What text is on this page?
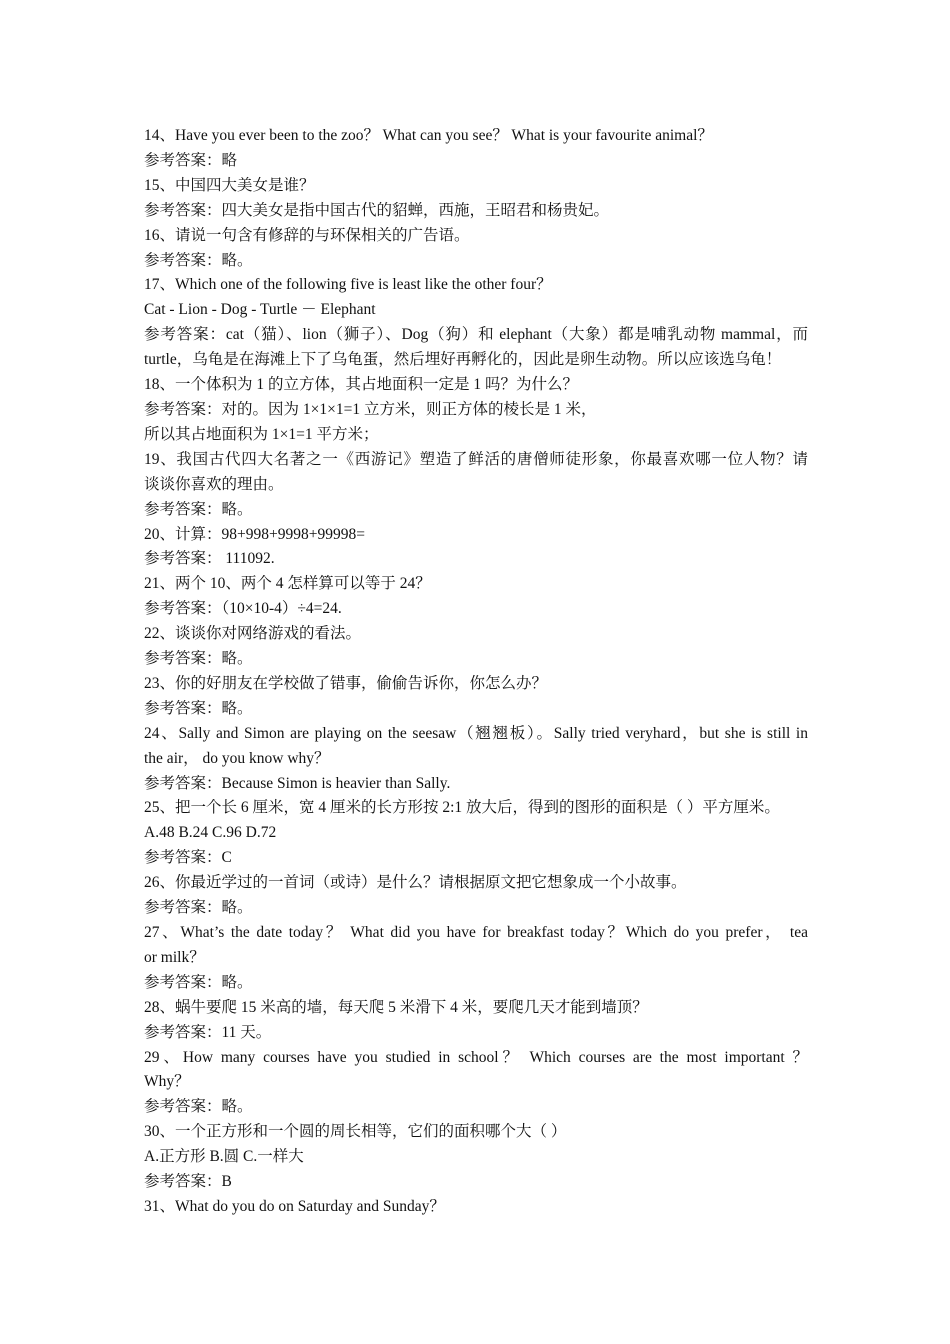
14、Have you ever been to the zoo？ What can you see？ What is your favourite animal？
参考答案：略
15、中国四大美女是谁？
参考答案：四大美女是指中国古代的貂蝉，西施，王昭君和杨贵妃。
16、请说一句含有修辞的与环保相关的广告语。
参考答案：略。
17、Which one of the following five is least like the other four？
Cat - Lion - Dog - Turtle － Elephant
参考答案：cat（猫）、lion（狮子）、Dog（狗）和 elephant（大象）都是哺乳动物 mammal，而
turtle，乌龟是在海滩上下了乌龟蛋，然后埋好再孵化的，因此是卵生动物。所以应该选乌龟！
18、一个体积为 1 的立方体，其占地面积一定是 1 吗？为什么？
参考答案：对的。因为 1×1×1=1 立方米，则正方体的棱长是 1 米，
所以其占地面积为 1×1=1 平方米；
19、我国古代四大名著之一《西游记》塑造了鲜活的唐僧师徒形象，你最喜欢哪一位人物？请
谈谈你喜欢的理由。
参考答案：略。
20、计算：98+998+9998+99998=
参考答案： 111092.
21、两个 10、两个 4 怎样算可以等于 24？
参考答案：（10×10-4）÷4=24.
22、谈谈你对网络游戏的看法。
参考答案：略。
23、你的好朋友在学校做了错事，偷偷告诉你，你怎么办？
参考答案：略。
24、Sally and Simon are playing on the seesaw（翘翘板）。Sally tried veryhard，but she is still in
the air， do you know why？
参考答案：Because Simon is heavier than Sally.
25、把一个长 6 厘米，宽 4 厘米的长方形按 2:1 放大后，得到的图形的面积是（ ）平方厘米。
A.48 B.24 C.96 D.72
参考答案：C
26、你最近学过的一首词（或诗）是什么？请根据原文把它想象成一个小故事。
参考答案：略。
27、What’s the date today？ What did you have for breakfast today？Which do you prefer， tea
or milk？
参考答案：略。
28、蜗牛要爬 15 米高的墙，每天爬 5 米滑下 4 米，要爬几天才能到墙顶？
参考答案：11 天。
29、How many courses have you studied in school？ Which courses are the most important ？
Why？
参考答案：略。
30、一个正方形和一个圆的周长相等，它们的面积哪个大（ ）
A.正方形 B.圆 C.一样大
参考答案：B
31、What do you do on Saturday and Sunday？
